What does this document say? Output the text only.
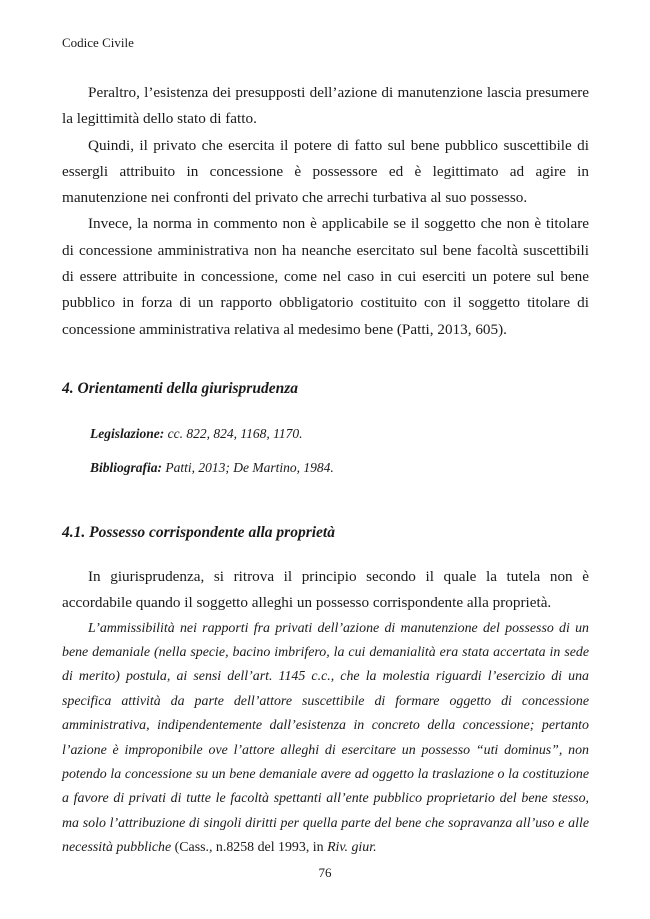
Codice Civile

Peraltro, l’esistenza dei presupposti dell’azione di manutenzione lascia presumere la legittimità dello stato di fatto.

Quindi, il privato che esercita il potere di fatto sul bene pubblico suscettibile di essergli attribuito in concessione è possessore ed è legittimato ad agire in manutenzione nei confronti del privato che arrechi turbativa al suo possesso.

Invece, la norma in commento non è applicabile se il soggetto che non è titolare di concessione amministrativa non ha neanche esercitato sul bene facoltà suscettibili di essere attribuite in concessione, come nel caso in cui eserciti un potere sul bene pubblico in forza di un rapporto obbligatorio costituito con il soggetto titolare di concessione amministrativa relativa al medesimo bene (Patti, 2013, 605).

4. Orientamenti della giurisprudenza

Legislazione: cc. 822, 824, 1168, 1170.

Bibliografia: Patti, 2013; De Martino, 1984.

4.1. Possesso corrispondente alla proprietà

In giurisprudenza, si ritrova il principio secondo il quale la tutela non è accordabile quando il soggetto alleghi un possesso corrispondente alla proprietà.

L’ammissibilità nei rapporti fra privati dell’azione di manutenzione del possesso di un bene demaniale (nella specie, bacino imbrifero, la cui demanialità era stata accertata in sede di merito) postula, ai sensi dell’art. 1145 c.c., che la molestia riguardi l’esercizio di una specifica attività da parte dell’attore suscettibile di formare oggetto di concessione amministrativa, indipendentemente dall’esistenza in concreto della concessione; pertanto l’azione è improponibile ove l’attore alleghi di esercitare un possesso “uti dominus”, non potendo la concessione su un bene demaniale avere ad oggetto la traslazione o la costituzione a favore di privati di tutte le facoltà spettanti all’ente pubblico proprietario del bene stesso, ma solo l’attribuzione di singoli diritti per quella parte del bene che sopravanza all’uso e alle necessità pubbliche (Cass., n.8258 del 1993, in Riv. giur.

76
